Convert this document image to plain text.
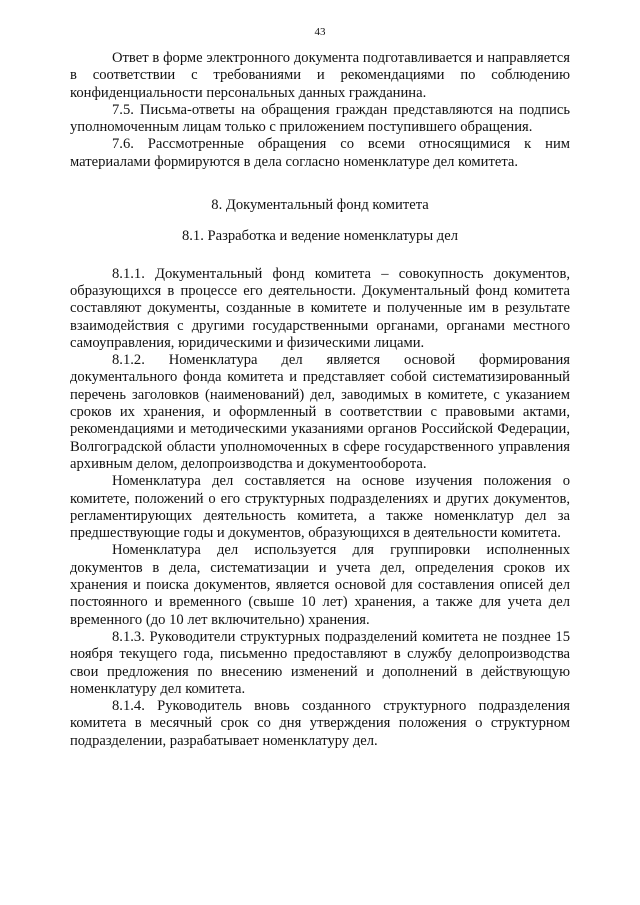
43

Ответ в форме электронного документа подготавливается и направляется в соответствии с требованиями и рекомендациями по соблюдению конфиденциальности персональных данных гражданина.

7.5. Письма-ответы на обращения граждан представляются на подпись уполномоченным лицам только с приложением поступившего обращения.

7.6. Рассмотренные обращения со всеми относящимися к ним материалами формируются в дела согласно номенклатуре дел комитета.

8. Документальный фонд комитета
8.1. Разработка и ведение номенклатуры дел

8.1.1. Документальный фонд комитета – совокупность документов, образующихся в процессе его деятельности. Документальный фонд комитета составляют документы, созданные в комитете и полученные им в результате взаимодействия с другими государственными органами, органами местного самоуправления, юридическими и физическими лицами.

8.1.2. Номенклатура дел является основой формирования документального фонда комитета и представляет собой систематизированный перечень заголовков (наименований) дел, заводимых в комитете, с указанием сроков их хранения, и оформленный в соответствии с правовыми актами, рекомендациями и методическими указаниями органов Российской Федерации, Волгоградской области уполномоченных в сфере государственного управления архивным делом, делопроизводства и документооборота.

Номенклатура дел составляется на основе изучения положения о комитете, положений о его структурных подразделениях и других документов, регламентирующих деятельность комитета, а также номенклатур дел за предшествующие годы и документов, образующихся в деятельности комитета.

Номенклатура дел используется для группировки исполненных документов в дела, систематизации и учета дел, определения сроков их хранения и поиска документов, является основой для составления описей дел постоянного и временного (свыше 10 лет) хранения, а также для учета дел временного (до 10 лет включительно) хранения.

8.1.3. Руководители структурных подразделений комитета не позднее 15 ноября текущего года, письменно предоставляют в службу делопроизводства свои предложения по внесению изменений и дополнений в действующую номенклатуру дел комитета.

8.1.4. Руководитель вновь созданного структурного подразделения комитета в месячный срок со дня утверждения положения о структурном подразделении, разрабатывает номенклатуру дел.
